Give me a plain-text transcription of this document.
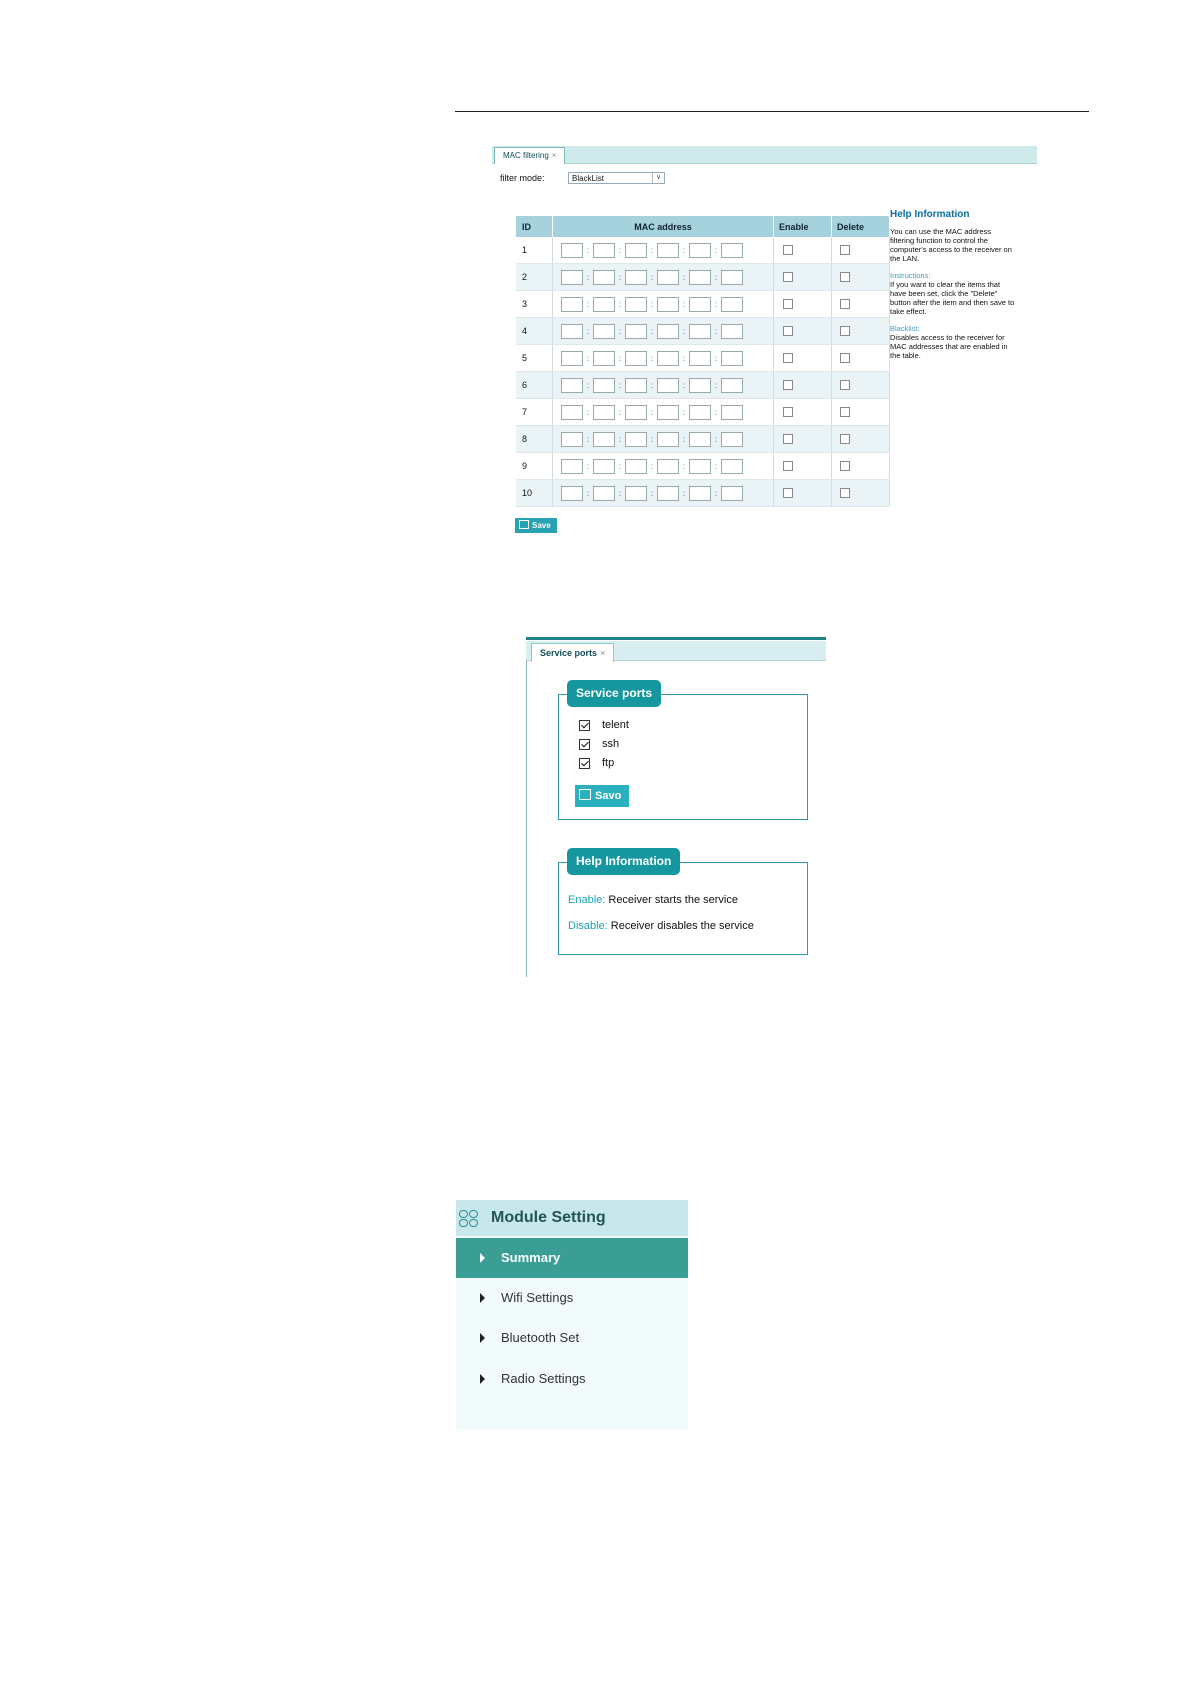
MAC filtering ×
filter mode:	BlackList	∨
ID	MAC address	Enable	Delete
1	: : : : :		

2	: : : : :		

3	: : : : :		

4	: : : : :		

5	: : : : :		

6	: : : : :		

7	: : : : :		

8	: : : : :		

9	: : : : :		

10	: : : : :		

Help Information
You can use the MAC address filtering function to control the computer's access to the receiver on the LAN.
Instructions:
If you want to clear the items that have been set, click the "Delete" button after the item and then save to take effect.
Blacklist:
Disables access to the receiver for MAC addresses that are enabled in the table.
Save
Service ports ×
Service ports
telent
ssh
ftp
Savo
Help Information
Enable: Receiver starts the service
Disable: Receiver disables the service
Module Setting
Summary
Wifi Settings
Bluetooth Set
Radio Settings
